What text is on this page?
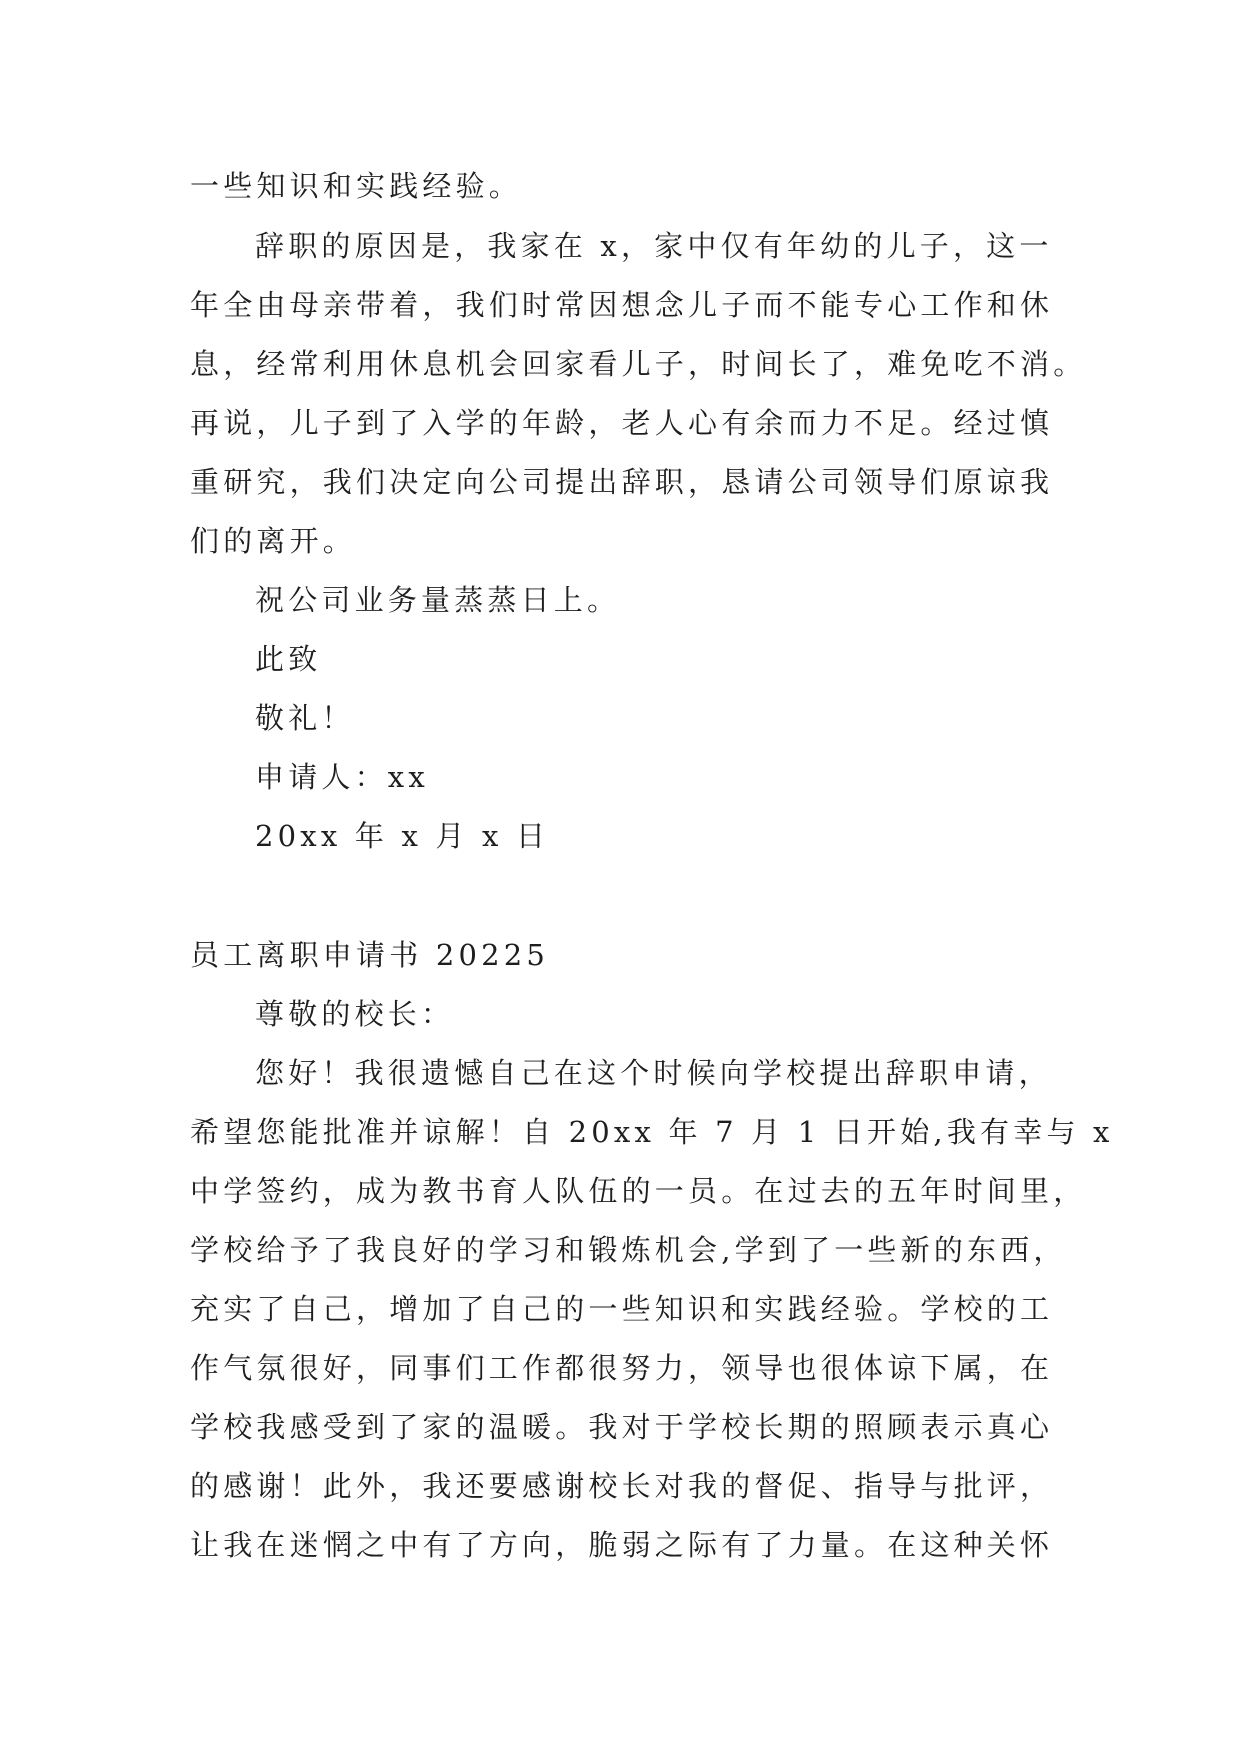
一些知识和实践经验。
辞职的原因是，我家在 x，家中仅有年幼的儿子，这一
年全由母亲带着，我们时常因想念儿子而不能专心工作和休
息，经常利用休息机会回家看儿子，时间长了，难免吃不消。
再说，儿子到了入学的年龄，老人心有余而力不足。经过慎
重研究，我们决定向公司提出辞职，恳请公司领导们原谅我
们的离开。
祝公司业务量蒸蒸日上。
此致
敬礼！
申请人：xx
20xx 年 x 月 x 日
员工离职申请书 20225
尊敬的校长：
您好！我很遗憾自己在这个时候向学校提出辞职申请，
希望您能批准并谅解！自 20xx 年 7 月 1 日开始,我有幸与 x
中学签约，成为教书育人队伍的一员。在过去的五年时间里，
学校给予了我良好的学习和锻炼机会,学到了一些新的东西，
充实了自己，增加了自己的一些知识和实践经验。学校的工
作气氛很好，同事们工作都很努力，领导也很体谅下属，在
学校我感受到了家的温暖。我对于学校长期的照顾表示真心
的感谢！此外，我还要感谢校长对我的督促、指导与批评，
让我在迷惘之中有了方向，脆弱之际有了力量。在这种关怀
